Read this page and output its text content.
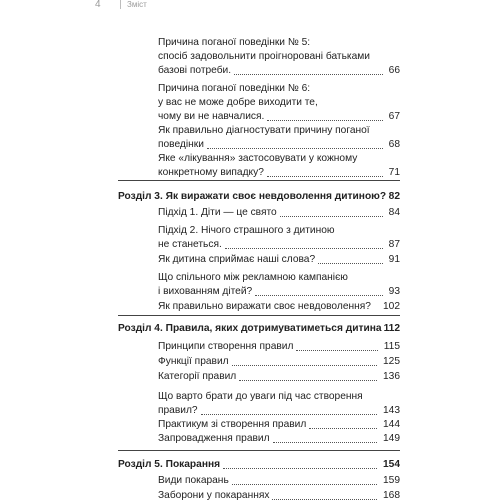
4	Зміст
Причина поганої поведінки № 5:
спосіб задовольнити проігноровані батьками
базові потреби.	66
Причина поганої поведінки № 6:
у вас не може добре виходити те,
чому ви не навчалися.	67
Як правильно діагностувати причину поганої
поведінки	68
Яке «лікування» застосовувати у кожному
конкретному випадку?	71
Розділ 3. Як виражати своє невдоволення дитиною? 82
Підхід 1. Діти — це свято	84
Підхід 2. Нічого страшного з дитиною
не станеться.	87
Як дитина сприймає наші слова?	91
Що спільного між рекламною кампанією
і вихованням дітей?	93
Як правильно виражати своє невдоволення? 102
Розділ 4. Правила, яких дотримуватиметься дитина 112
Принципи створення правил	115
Функції правил	125
Категорії правил	136
Що варто брати до уваги під час створення
правил?	143
Практикум зі створення правил	144
Запровадження правил	149
Розділ 5. Покарання	154
Види покарань	159
Заборони у покараннях	168
